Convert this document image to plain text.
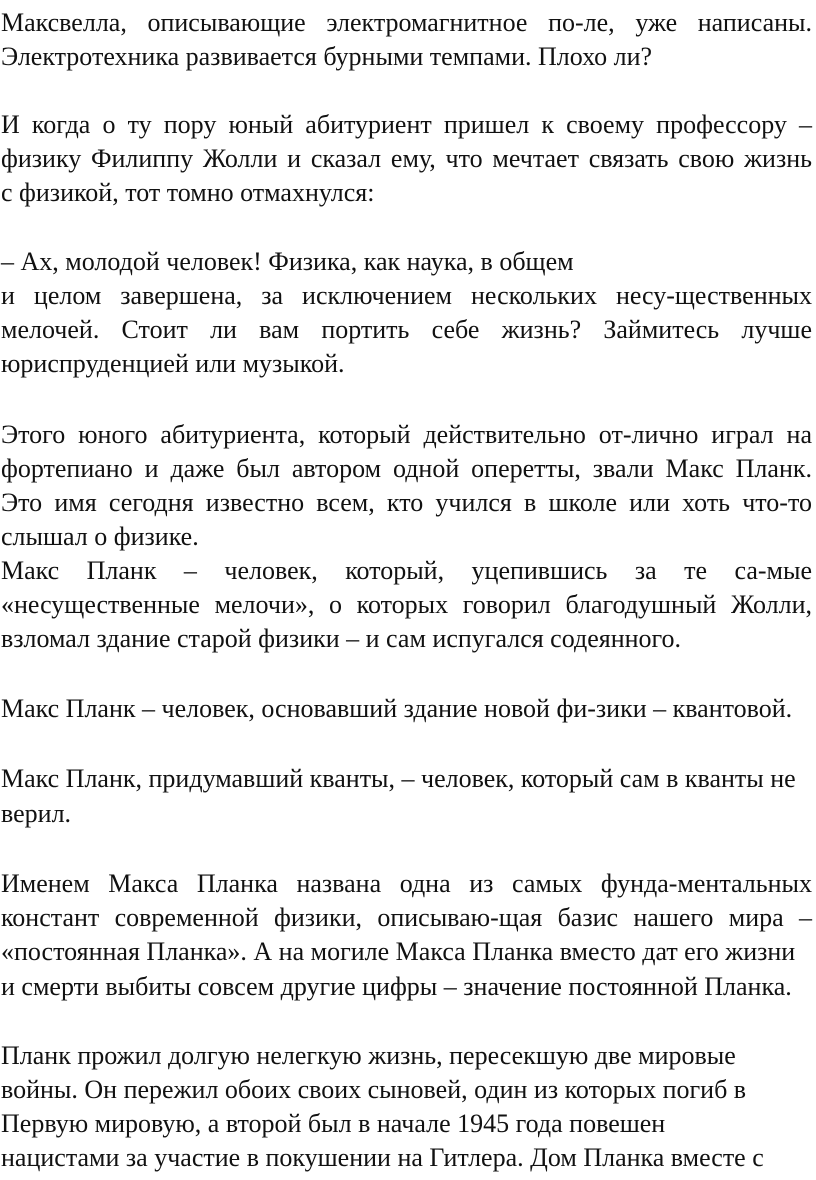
Максвелла, описывающие электромагнитное по-ле, уже написаны.
Электротехника развивается бурными темпами. Плохо ли?
И когда о ту пору юный абитуриент пришел к своему профессору –
физику Филиппу Жолли и сказал ему, что мечтает связать свою жизнь
с физикой, тот томно отмахнулся:
– Ах, молодой человек! Физика, как наука, в общем
и целом завершена, за исключением нескольких несу-щественных
мелочей. Стоит ли вам портить себе жизнь? Займитесь лучше
юриспруденцией или музыкой.
Этого юного абитуриента, который действительно от-лично играл на
фортепиано и даже был автором одной оперетты, звали Макс Планк.
Это имя сегодня известно всем, кто учился в школе или хоть что-то
слышал о физике.
Макс Планк – человек, который, уцепившись за те са-мые
«несущественные мелочи», о которых говорил благодушный Жолли,
взломал здание старой физики – и сам испугался содеянного.
Макс Планк – человек, основавший здание новой фи-зики – квантовой.
Макс Планк, придумавший кванты, – человек, который сам в кванты не
верил.
Именем Макса Планка названа одна из самых фунда-ментальных
констант современной физики, описываю-щая базис нашего мира –
«постоянная Планка». А на могиле Макса Планка вместо дат его жизни
и смерти выбиты совсем другие цифры – значение постоянной Планка.
Планк прожил долгую нелегкую жизнь, пересекшую две мировые
войны. Он пережил обоих своих сыновей, один из которых погиб в
Первую мировую, а второй был в начале 1945 года повешен
нацистами за участие в покушении на Гитлера. Дом Планка вместе с
